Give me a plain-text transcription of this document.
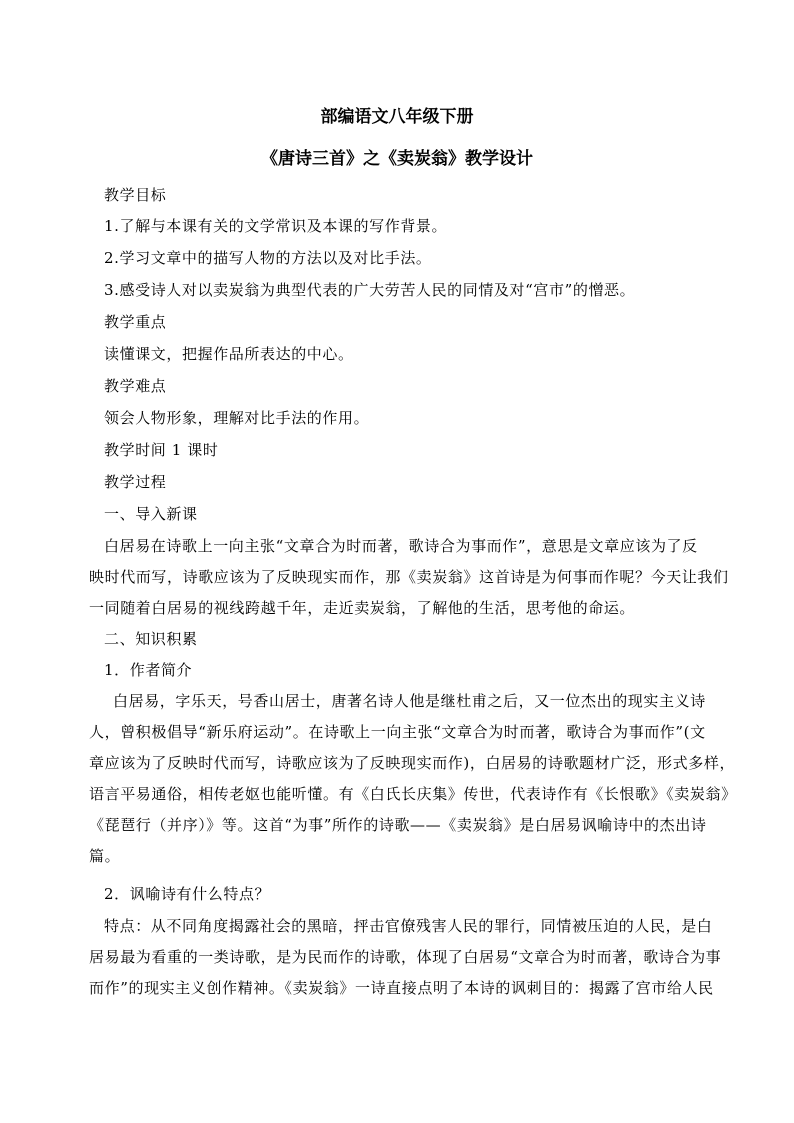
部编语文八年级下册
《唐诗三首》之《卖炭翁》教学设计
教学目标
1.了解与本课有关的文学常识及本课的写作背景。
2.学习文章中的描写人物的方法以及对比手法。
3.感受诗人对以卖炭翁为典型代表的广大劳苦人民的同情及对“宫市”的憎恶。
教学重点
读懂课文，把握作品所表达的中心。
教学难点
领会人物形象，理解对比手法的作用。
教学时间 1 课时
教学过程
一、导入新课
白居易在诗歌上一向主张“文章合为时而著，歌诗合为事而作”，意思是文章应该为了反
映时代而写，诗歌应该为了反映现实而作，那《卖炭翁》这首诗是为何事而作呢？今天让我们
一同随着白居易的视线跨越千年，走近卖炭翁，了解他的生活，思考他的命运。
二、知识积累
1．作者简介
白居易，字乐天，号香山居士，唐著名诗人他是继杜甫之后，又一位杰出的现实主义诗
人，曾积极倡导“新乐府运动”。在诗歌上一向主张“文章合为时而著，歌诗合为事而作”(文
章应该为了反映时代而写，诗歌应该为了反映现实而作)，白居易的诗歌题材广泛，形式多样，
语言平易通俗，相传老妪也能听懂。有《白氏长庆集》传世，代表诗作有《长恨歌》《卖炭翁》
《琵琶行（并序）》等。这首“为事”所作的诗歌——《卖炭翁》是白居易讽喻诗中的杰出诗
篇。
2．讽喻诗有什么特点？
特点：从不同角度揭露社会的黑暗，抨击官僚残害人民的罪行，同情被压迫的人民，是白
居易最为看重的一类诗歌，是为民而作的诗歌，体现了白居易“文章合为时而著，歌诗合为事
而作”的现实主义创作精神。《卖炭翁》一诗直接点明了本诗的讽刺目的：揭露了宫市给人民
